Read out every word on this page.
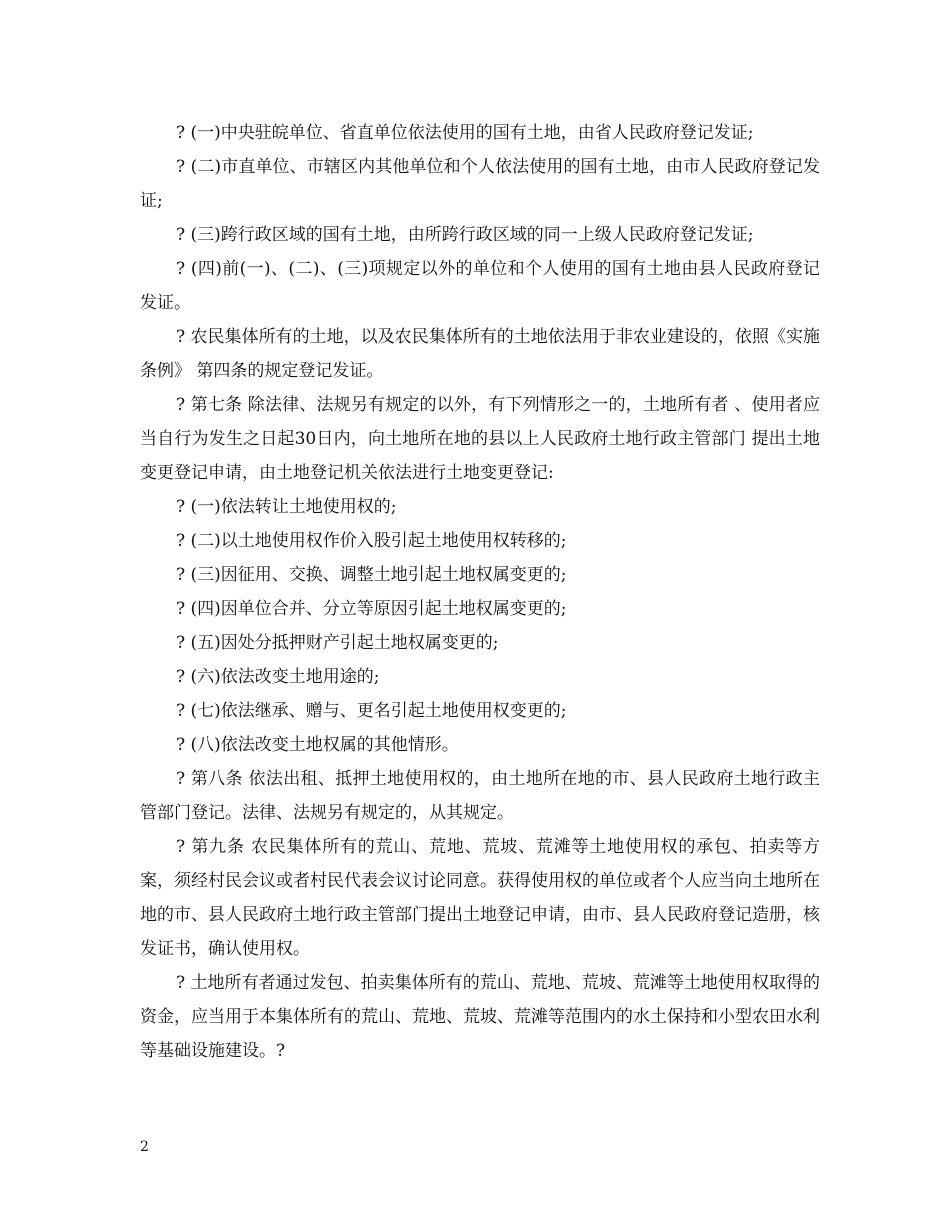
? (一)中央驻皖单位、省直单位依法使用的国有土地，由省人民政府登记发证;

? (二)市直单位、市辖区内其他单位和个人依法使用的国有土地，由市人民政府登记发证;

? (三)跨行政区域的国有土地，由所跨行政区域的同一上级人民政府登记发证;

? (四)前(一)、(二)、(三)项规定以外的单位和个人使用的国有土地由县人民政府登记发证。

? 农民集体所有的土地，以及农民集体所有的土地依法用于非农业建设的，依照《实施条例》 第四条的规定登记发证。

? 第七条 除法律、法规另有规定的以外，有下列情形之一的，土地所有者 、使用者应当自行为发生之日起30日内，向土地所在地的县以上人民政府土地行政主管部门 提出土地变更登记申请，由土地登记机关依法进行土地变更登记:

? (一)依法转让土地使用权的;

? (二)以土地使用权作价入股引起土地使用权转移的;

? (三)因征用、交换、调整土地引起土地权属变更的;

? (四)因单位合并、分立等原因引起土地权属变更的;

? (五)因处分抵押财产引起土地权属变更的;

? (六)依法改变土地用途的;

? (七)依法继承、赠与、更名引起土地使用权变更的;

? (八)依法改变土地权属的其他情形。

? 第八条 依法出租、抵押土地使用权的，由土地所在地的市、县人民政府土地行政主管部门登记。法律、法规另有规定的，从其规定。

? 第九条 农民集体所有的荒山、荒地、荒坡、荒滩等土地使用权的承包、拍卖等方案，须经村民会议或者村民代表会议讨论同意。获得使用权的单位或者个人应当向土地所在地的市、县人民政府土地行政主管部门提出土地登记申请，由市、县人民政府登记造册，核发证书，确认使用权。

? 土地所有者通过发包、拍卖集体所有的荒山、荒地、荒坡、荒滩等土地使用权取得的资金，应当用于本集体所有的荒山、荒地、荒坡、荒滩等范围内的水土保持和小型农田水利等基础设施建设。?

2
